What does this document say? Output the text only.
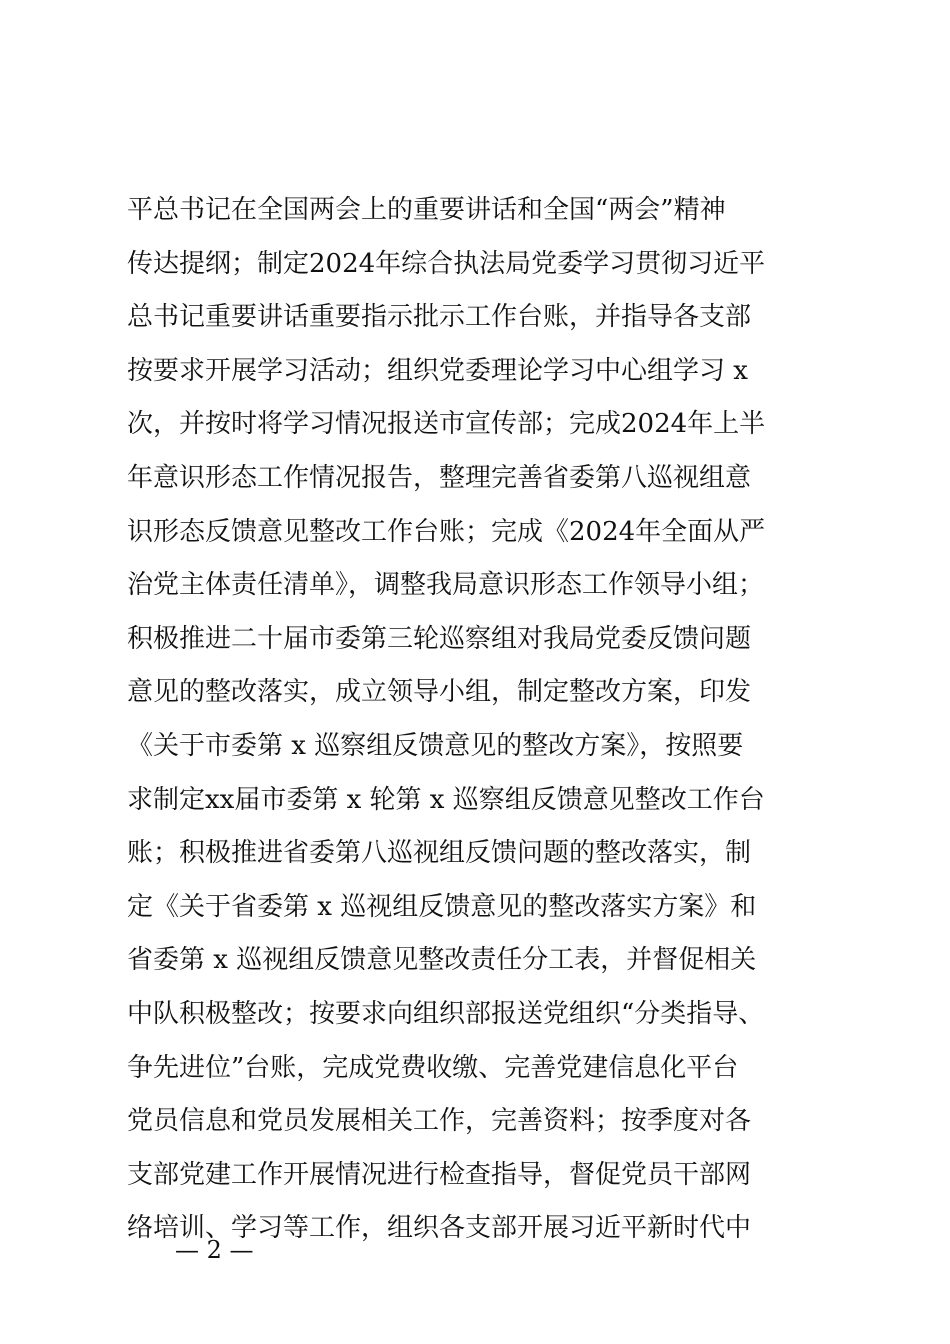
平总书记在全国两会上的重要讲话和全国“两会”精神
传达提纲；制定2024年综合执法局党委学习贯彻习近平
总书记重要讲话重要指示批示工作台账，并指导各支部
按要求开展学习活动；组织党委理论学习中心组学习 x
次，并按时将学习情况报送市宣传部；完成2024年上半
年意识形态工作情况报告，整理完善省委第八巡视组意
识形态反馈意见整改工作台账；完成《2024年全面从严
治党主体责任清单》，调整我局意识形态工作领导小组；
积极推进二十届市委第三轮巡察组对我局党委反馈问题
意见的整改落实，成立领导小组，制定整改方案，印发
《关于市委第 x 巡察组反馈意见的整改方案》，按照要
求制定xx届市委第 x 轮第 x 巡察组反馈意见整改工作台
账；积极推进省委第八巡视组反馈问题的整改落实，制
定《关于省委第 x 巡视组反馈意见的整改落实方案》和
省委第 x 巡视组反馈意见整改责任分工表，并督促相关
中队积极整改；按要求向组织部报送党组织“分类指导、
争先进位”台账，完成党费收缴、完善党建信息化平台
党员信息和党员发展相关工作，完善资料；按季度对各
支部党建工作开展情况进行检查指导，督促党员干部网
络培训、学习等工作，组织各支部开展习近平新时代中
— 2 —
